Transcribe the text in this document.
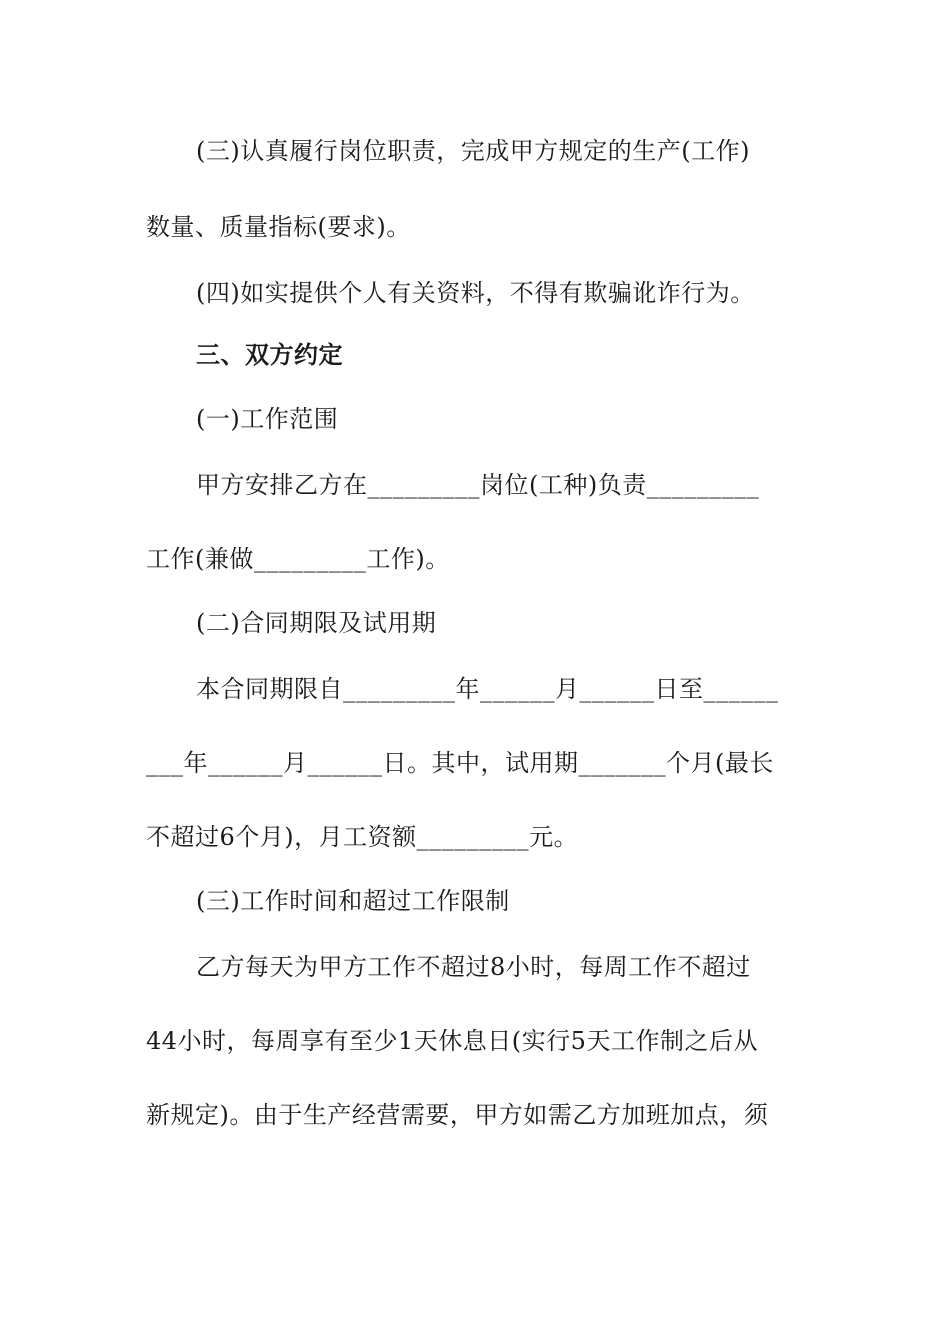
(三)认真履行岗位职责，完成甲方规定的生产(工作)
数量、质量指标(要求)。
(四)如实提供个人有关资料，不得有欺骗讹诈行为。
三、双方约定
(一)工作范围
甲方安排乙方在_________岗位(工种)负责_________
工作(兼做_________工作)。
(二)合同期限及试用期
本合同期限自_________年______月______日至______
___年______月______日。其中，试用期_______个月(最长
不超过6个月)，月工资额_________元。
(三)工作时间和超过工作限制
乙方每天为甲方工作不超过8小时，每周工作不超过
44小时，每周享有至少1天休息日(实行5天工作制之后从
新规定)。由于生产经营需要，甲方如需乙方加班加点，须
